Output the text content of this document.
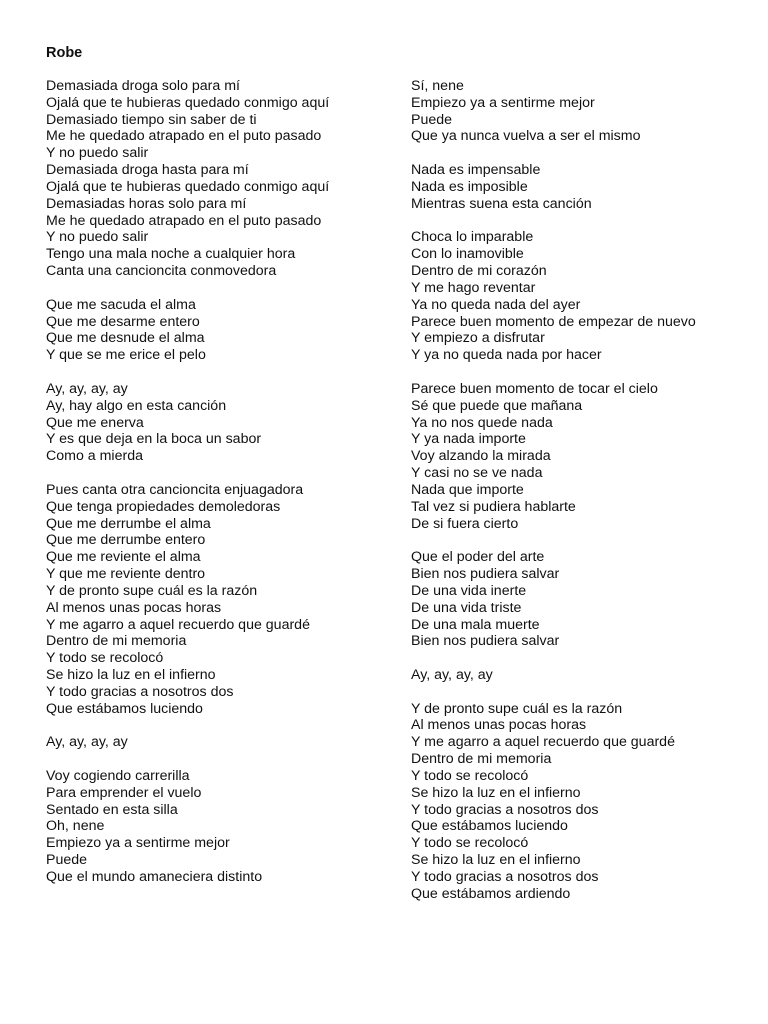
Robe
Demasiada droga solo para mí
Ojalá que te hubieras quedado conmigo aquí
Demasiado tiempo sin saber de ti
Me he quedado atrapado en el puto pasado
Y no puedo salir
Demasiada droga hasta para mí
Ojalá que te hubieras quedado conmigo aquí
Demasiadas horas solo para mí
Me he quedado atrapado en el puto pasado
Y no puedo salir
Tengo una mala noche a cualquier hora
Canta una cancioncita conmovedora
Que me sacuda el alma
Que me desarme entero
Que me desnude el alma
Y que se me erice el pelo
Ay, ay, ay, ay
Ay, hay algo en esta canción
Que me enerva
Y es que deja en la boca un sabor
Como a mierda
Pues canta otra cancioncita enjuagadora
Que tenga propiedades demoledoras
Que me derrumbe el alma
Que me derrumbe entero
Que me reviente el alma
Y que me reviente dentro
Y de pronto supe cuál es la razón
Al menos unas pocas horas
Y me agarro a aquel recuerdo que guardé
Dentro de mi memoria
Y todo se recolocó
Se hizo la luz en el infierno
Y todo gracias a nosotros dos
Que estábamos luciendo
Ay, ay, ay, ay
Voy cogiendo carrerilla
Para emprender el vuelo
Sentado en esta silla
Oh, nene
Empiezo ya a sentirme mejor
Puede
Que el mundo amaneciera distinto
Sí, nene
Empiezo ya a sentirme mejor
Puede
Que ya nunca vuelva a ser el mismo
Nada es impensable
Nada es imposible
Mientras suena esta canción
Choca lo imparable
Con lo inamovible
Dentro de mi corazón
Y me hago reventar
Ya no queda nada del ayer
Parece buen momento de empezar de nuevo
Y empiezo a disfrutar
Y ya no queda nada por hacer
Parece buen momento de tocar el cielo
Sé que puede que mañana
Ya no nos quede nada
Y ya nada importe
Voy alzando la mirada
Y casi no se ve nada
Nada que importe
Tal vez si pudiera hablarte
De si fuera cierto
Que el poder del arte
Bien nos pudiera salvar
De una vida inerte
De una vida triste
De una mala muerte
Bien nos pudiera salvar
Ay, ay, ay, ay
Y de pronto supe cuál es la razón
Al menos unas pocas horas
Y me agarro a aquel recuerdo que guardé
Dentro de mi memoria
Y todo se recolocó
Se hizo la luz en el infierno
Y todo gracias a nosotros dos
Que estábamos luciendo
Y todo se recolocó
Se hizo la luz en el infierno
Y todo gracias a nosotros dos
Que estábamos ardiendo
